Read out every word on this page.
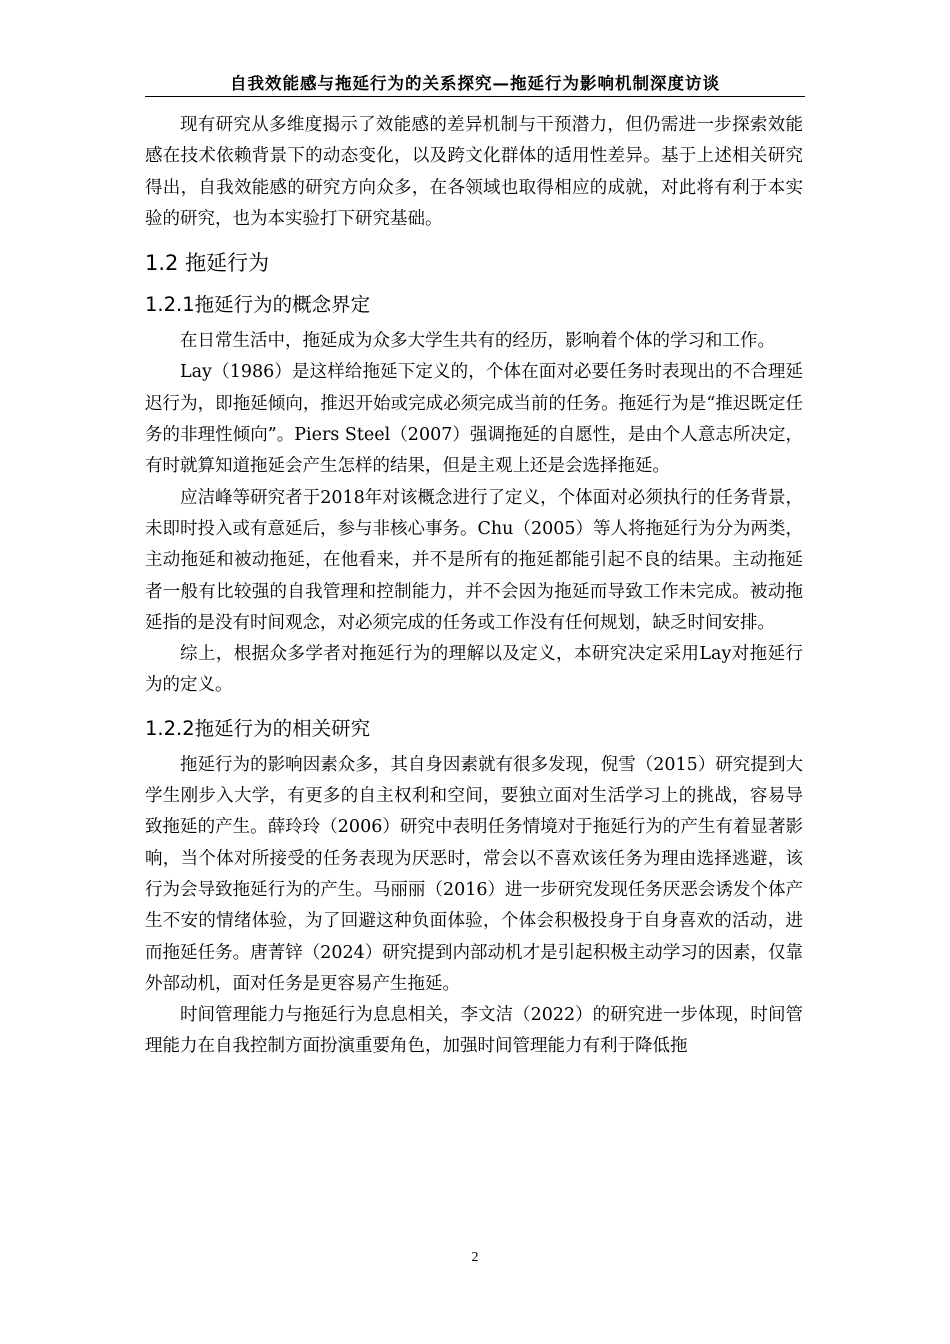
自我效能感与拖延行为的关系探究—拖延行为影响机制深度访谈

现有研究从多维度揭示了效能感的差异机制与干预潜力，但仍需进一步探索效能感在技术依赖背景下的动态变化，以及跨文化群体的适用性差异。基于上述相关研究得出，自我效能感的研究方向众多，在各领域也取得相应的成就，对此将有利于本实验的研究，也为本实验打下研究基础。

1.2 拖延行为
1.2.1拖延行为的概念界定

在日常生活中，拖延成为众多大学生共有的经历，影响着个体的学习和工作。

Lay（1986）是这样给拖延下定义的，个体在面对必要任务时表现出的不合理延迟行为，即拖延倾向，推迟开始或完成必须完成当前的任务。拖延行为是“推迟既定任务的非理性倾向”。Piers Steel（2007）强调拖延的自愿性，是由个人意志所决定，有时就算知道拖延会产生怎样的结果，但是主观上还是会选择拖延。

应洁峰等研究者于2018年对该概念进行了定义，个体面对必须执行的任务背景，未即时投入或有意延后，参与非核心事务。Chu（2005）等人将拖延行为分为两类，主动拖延和被动拖延，在他看来，并不是所有的拖延都能引起不良的结果。主动拖延者一般有比较强的自我管理和控制能力，并不会因为拖延而导致工作未完成。被动拖延指的是没有时间观念，对必须完成的任务或工作没有任何规划，缺乏时间安排。

综上，根据众多学者对拖延行为的理解以及定义，本研究决定采用Lay对拖延行为的定义。

1.2.2拖延行为的相关研究

拖延行为的影响因素众多，其自身因素就有很多发现，倪雪（2015）研究提到大学生刚步入大学，有更多的自主权利和空间，要独立面对生活学习上的挑战，容易导致拖延的产生。薛玲玲（2006）研究中表明任务情境对于拖延行为的产生有着显著影响，当个体对所接受的任务表现为厌恶时，常会以不喜欢该任务为理由选择逃避，该行为会导致拖延行为的产生。马丽丽（2016）进一步研究发现任务厌恶会诱发个体产生不安的情绪体验，为了回避这种负面体验，个体会积极投身于自身喜欢的活动，进而拖延任务。唐菁锌（2024）研究提到内部动机才是引起积极主动学习的因素，仅靠外部动机，面对任务是更容易产生拖延。

时间管理能力与拖延行为息息相关，李文洁（2022）的研究进一步体现，时间管理能力在自我控制方面扮演重要角色，加强时间管理能力有利于降低拖

2
